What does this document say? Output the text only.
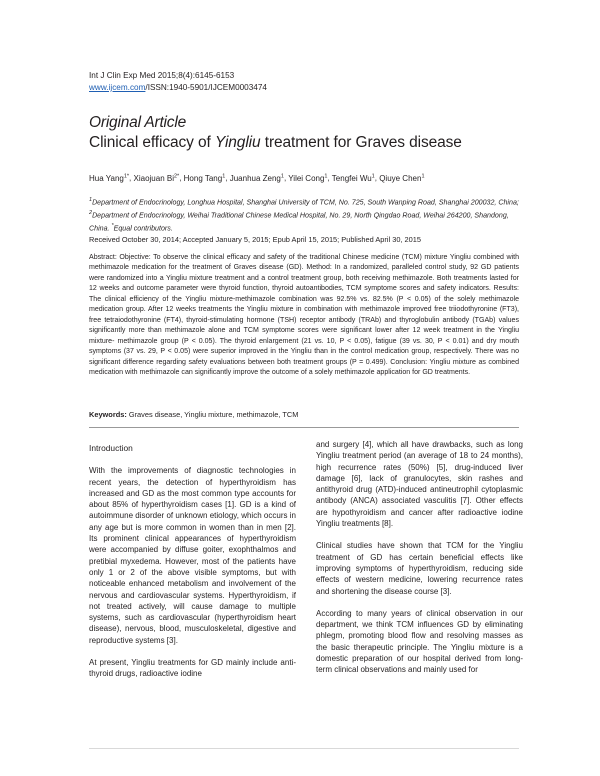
Int J Clin Exp Med 2015;8(4):6145-6153
www.ijcem.com/ISSN:1940-5901/IJCEM0003474
Original Article
Clinical efficacy of Yingliu treatment for Graves disease
Hua Yang$^{1*}$, Xiaojuan $Bi^{2*}$, Hong Tang$^1$, Juanhua Zeng$^1$, Yilei Cong$^1$, Tengfei Wu$^1$, Qiuye Chen$^1$
$^1$Department of Endocrinology, Longhua Hospital, Shanghai University of TCM, No. 725, South Wanping Road, Shanghai 200032, China; $^2$Department of Endocrinology, Weihai Traditional Chinese Medical Hospital, No. 29, North Qingdao Road, Weihai 264200, Shandong, China. *Equal contributors.
Received October 30, 2014; Accepted January 5, 2015; Epub April 15, 2015; Published April 30, 2015
Abstract: Objective: To observe the clinical efficacy and safety of the traditional Chinese medicine (TCM) mixture Yingliu combined with methimazole medication for the treatment of Graves disease (GD). Method: In a randomized, paralleled control study, 92 GD patients were randomized into a Yingliu mixture treatment and a control treatment group, both receiving methimazole. Both treatments lasted for 12 weeks and outcome parameter were thyroid function, thyroid autoantibodies, TCM symptome scores and safety indicators. Results: The clinical efficiency of the Yingliu mixture-methimazole combination was 92.5% vs. 82.5% (P < 0.05) of the solely methimazole medication group. After 12 weeks treatments the Yingliu mixture in combination with methimazole improved free triiodothyronine (FT3), free tetraiodothyronine (FT4), thyroid-stimulating hormone (TSH) receptor antibody (TRAb) and thyroglobulin antibody (TGAb) values significantly more than methimazole alone and TCM symptome scores were significant lower after 12 week treatment in the Yingliu mixture- methimazole group (P < 0.05). The thyroid enlargement (21 vs. 10, P < 0.05), fatigue (39 vs. 30, P < 0.01) and dry mouth symptoms (37 vs. 29, P < 0.05) were superior improved in the Yingliu than in the control medication group, respectively. There was no significant difference regarding safety evaluations between both treatment groups (P = 0.499). Conclusion: Yingliu mixture as combined medication with methimazole can significantly improve the outcome of a solely methimazole application for GD treatments.
Keywords: Graves disease, Yingliu mixture, methimazole, TCM
Introduction

With the improvements of diagnostic technologies in recent years, the detection of hyperthyroidism has increased and GD as the most common type accounts for about 85% of hyperthyroidism cases [1]. GD is a kind of autoimmune disorder of unknown etiology, which occurs in any age but is more common in women than in men [2]. Its prominent clinical appearances of hyperthyroidism were accompanied by diffuse goiter, exophthalmos and pretibial myxedema. However, most of the patients have only 1 or 2 of the above visible symptoms, but with noticeable enhanced metabolism and involvement of the nervous and cardiovascular systems. Hyperthyroidism, if not treated actively, will cause damage to multiple systems, such as cardiovascular (hyperthyroidism heart disease), nervous, blood, musculoskeletal, digestive and reproductive systems [3].

At present, Yingliu treatments for GD mainly include anti-thyroid drugs, radioactive iodine

and surgery [4], which all have drawbacks, such as long Yingliu treatment period (an average of 18 to 24 months), high recurrence rates (50%) [5], drug-induced liver damage [6], lack of granulocytes, skin rashes and antithyroid drug (ATD)-induced antineutrophil cytoplasmic antibody (ANCA) associated vasculitis [7]. Other effects are hypothyroidism and cancer after radioactive iodine Yingliu treatments [8].

Clinical studies have shown that TCM for the Yingliu treatment of GD has certain beneficial effects like improving symptoms of hyperthyroidism, reducing side effects of western medicine, lowering recurrence rates and shortening the disease course [3].

According to many years of clinical observation in our department, we think TCM influences GD by eliminating phlegm, promoting blood flow and resolving masses as the basic therapeutic principle. The Yingliu mixture is a domestic preparation of our hospital derived from long-term clinical observations and mainly used for
